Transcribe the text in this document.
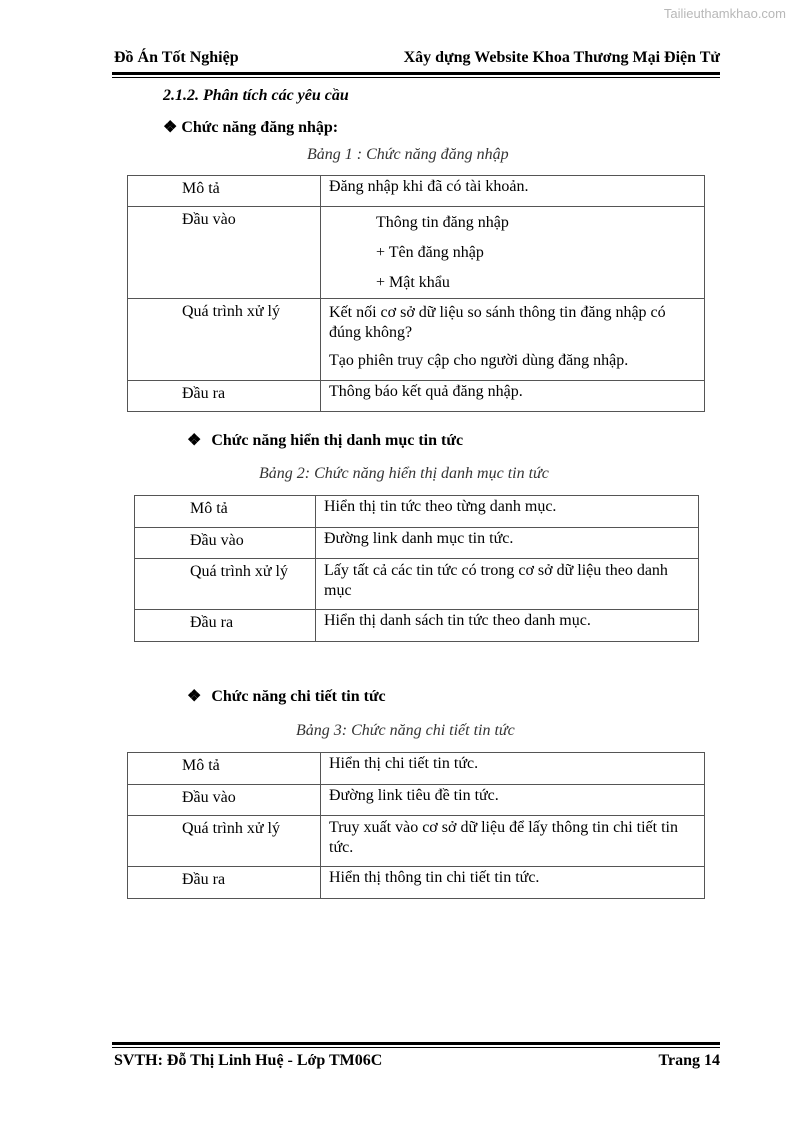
Tailieuthamkhao.com
Đồ Án Tốt Nghiệp	Xây dựng Website Khoa Thương Mại Điện Tử
2.1.2. Phân tích các yêu cầu
❖ Chức năng đăng nhập:
Bảng 1 : Chức năng đăng nhập
Mô tả	Đăng nhập khi đã có tài khoản.

Đầu vào	Thông tin đăng nhập
+ Tên đăng nhập
+ Mật khẩu

Quá trình xử lý	Kết nối cơ sở dữ liệu so sánh thông tin đăng nhập có đúng không?

Tạo phiên truy cập cho người dùng đăng nhập.

Đầu ra	Thông báo kết quả đăng nhập.

❖ Chức năng hiển thị danh mục tin tức
Bảng 2: Chức năng hiển thị danh mục tin tức
Mô tả	Hiển thị tin tức theo từng danh mục.

Đầu vào	Đường link danh mục tin tức.

Quá trình xử lý	Lấy tất cả các tin tức có trong cơ sở dữ liệu theo danh mục

Đầu ra	Hiển thị danh sách tin tức theo danh mục.

❖ Chức năng chi tiết tin tức
Bảng 3: Chức năng chi tiết tin tức
Mô tả	Hiển thị chi tiết tin tức.

Đầu vào	Đường link tiêu đề tin tức.

Quá trình xử lý	Truy xuất vào cơ sở dữ liệu để lấy thông tin chi tiết tin tức.

Đầu ra	Hiển thị thông tin chi tiết tin tức.

SVTH: Đỗ Thị Linh Huệ - Lớp TM06C	Trang 14
